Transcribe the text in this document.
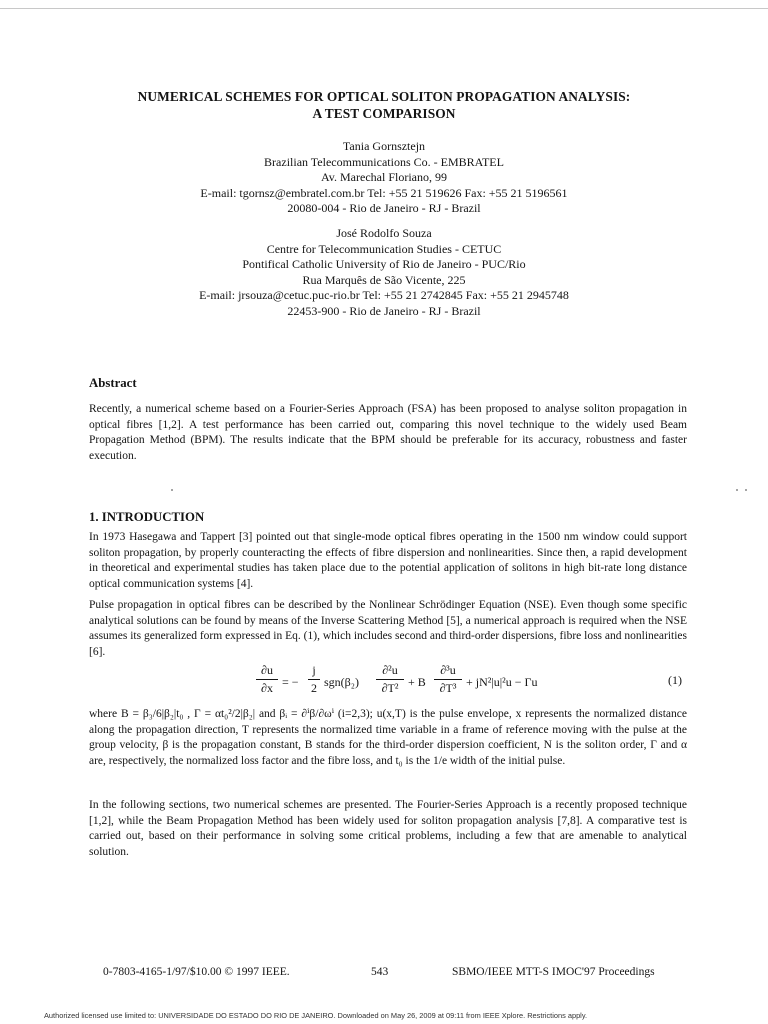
NUMERICAL SCHEMES FOR OPTICAL SOLITON PROPAGATION ANALYSIS:
A TEST COMPARISON
Tania Gornsztejn
Brazilian Telecommunications Co. - EMBRATEL
Av. Marechal Floriano, 99
E-mail: tgornsz@embratel.com.br Tel: +55 21 519626 Fax: +55 21 5196561
20080-004 - Rio de Janeiro - RJ - Brazil
José Rodolfo Souza
Centre for Telecommunication Studies - CETUC
Pontifical Catholic University of Rio de Janeiro - PUC/Rio
Rua Marquês de São Vicente, 225
E-mail: jrsouza@cetuc.puc-rio.br Tel: +55 21 2742845 Fax: +55 21 2945748
22453-900 - Rio de Janeiro - RJ - Brazil
Abstract
Recently, a numerical scheme based on a Fourier-Series Approach (FSA) has been proposed to analyse soliton propagation in optical fibres [1,2]. A test performance has been carried out, comparing this novel technique to the widely used Beam Propagation Method (BPM). The results indicate that the BPM should be preferable for its accuracy, robustness and faster execution.
1. INTRODUCTION
In 1973 Hasegawa and Tappert [3] pointed out that single-mode optical fibres operating in the 1500 nm window could support soliton propagation, by properly counteracting the effects of fibre dispersion and nonlinearities. Since then, a rapid development in theoretical and experimental studies has taken place due to the potential application of solitons in high bit-rate long distance optical communication systems [4].
Pulse propagation in optical fibres can be described by the Nonlinear Schrödinger Equation (NSE). Even though some specific analytical solutions can be found by means of the Inverse Scattering Method [5], a numerical approach is required when the NSE assumes its generalized form expressed in Eq. (1), which includes second and third-order dispersions, fibre loss and nonlinearities [6].
∂u
∂x = −
j
2 sgn(β₂)
∂²u
∂T² + B
∂³u
∂T³ + jN²|u|²u − Γu	(1)
where B = β₃/6|β₂|t₀ , Γ = αt₀²/2|β₂| and βᵢ = ∂ⁱβ/∂ωⁱ (i=2,3); u(x,T) is the pulse envelope, x represents the normalized distance along the propagation direction, T represents the normalized time variable in a frame of reference moving with the pulse at the group velocity, β is the propagation constant, B stands for the third-order dispersion coefficient, N is the soliton order, Γ and α are, respectively, the normalized loss factor and the fibre loss, and t₀ is the 1/e width of the initial pulse.
In the following sections, two numerical schemes are presented. The Fourier-Series Approach is a recently proposed technique [1,2], while the Beam Propagation Method has been widely used for soliton propagation analysis [7,8]. A comparative test is carried out, based on their performance in solving some critical problems, including a few that are amenable to analytical solution.
0-7803-4165-1/97/$10.00 © 1997 IEEE.	543	SBMO/IEEE MTT-S IMOC'97 Proceedings
Authorized licensed use limited to: UNIVERSIDADE DO ESTADO DO RIO DE JANEIRO. Downloaded on May 26, 2009 at 09:11 from IEEE Xplore. Restrictions apply.
